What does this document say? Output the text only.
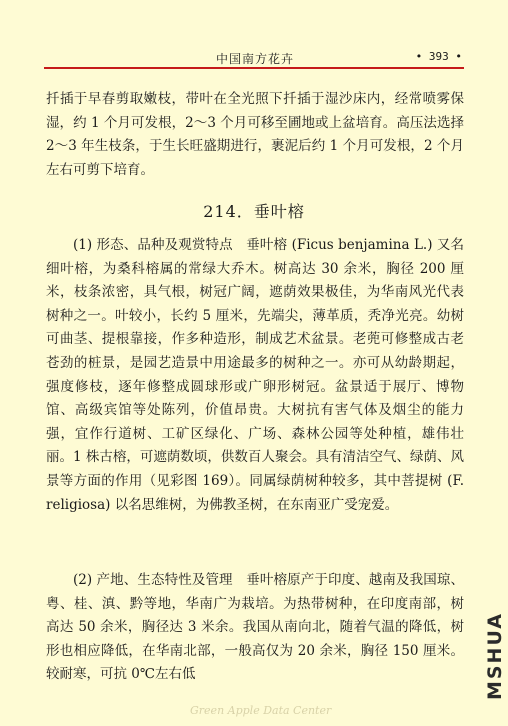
中国南方花卉	• 393 •
扦插于早春剪取嫩枝，带叶在全光照下扦插于湿沙床内，经常喷雾保湿，约 1 个月可发根，2～3 个月可移至圃地或上盆培育。高压法选择 2～3 年生枝条，于生长旺盛期进行，裹泥后约 1 个月可发根，2 个月左右可剪下培育。
214．垂叶榕
(1) 形态、品种及观赏特点　垂叶榕 (Ficus benjamina L.) 又名细叶榕，为桑科榕属的常绿大乔木。树高达 30 余米，胸径 200 厘米，枝条浓密，具气根，树冠广阔，遮荫效果极佳，为华南风光代表树种之一。叶较小，长约 5 厘米，先端尖，薄革质，秃净光亮。幼树可曲茎、提根靠接，作多种造形，制成艺术盆景。老蔸可修整成古老苍劲的桩景，是园艺造景中用途最多的树种之一。亦可从幼龄期起，强度修枝，逐年修整成圆球形或广卵形树冠。盆景适于展厅、博物馆、高级宾馆等处陈列，价值昂贵。大树抗有害气体及烟尘的能力强，宜作行道树、工矿区绿化、广场、森林公园等处种植，雄伟壮丽。1 株古榕，可遮荫数顷，供数百人聚会。具有清洁空气、绿荫、风景等方面的作用（见彩图 169）。同属绿荫树种较多，其中菩提树 (F. religiosa) 以名思维树，为佛教圣树，在东南亚广受宠爱。
(2) 产地、生态特性及管理　垂叶榕原产于印度、越南及我国琼、粤、桂、滇、黔等地，华南广为栽培。为热带树种，在印度南部，树高达 50 余米，胸径达 3 米余。我国从南向北，随着气温的降低，树形也相应降低，在华南北部，一般高仅为 20 余米，胸径 150 厘米。较耐寒，可抗 0℃左右低	MSHUA
Green Apple Data Center
